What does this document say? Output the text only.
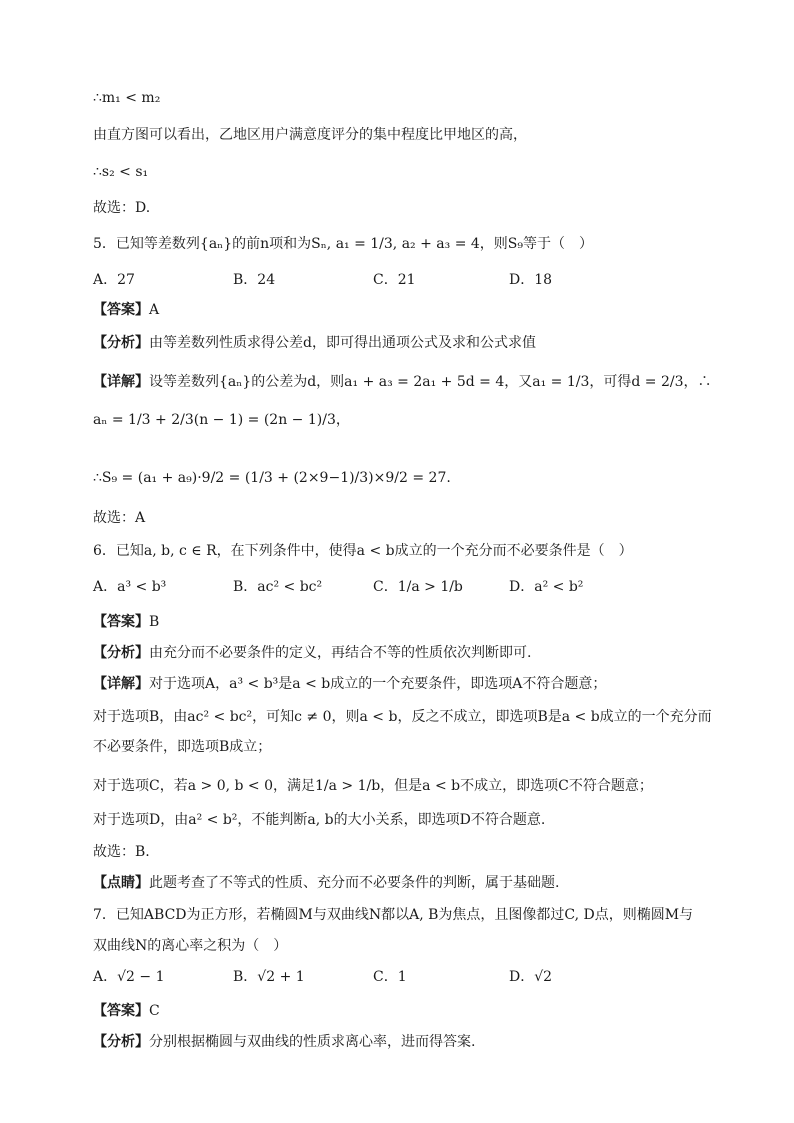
∴m₁ < m₂
由直方图可以看出，乙地区用户满意度评分的集中程度比甲地区的高，
∴s₂ < s₁
故选：D.
5．已知等差数列{aₙ}的前n项和为Sₙ, a₁ = 1/3, a₂ + a₃ = 4，则S₉等于（　）
A．27	B．24	C．21	D．18
【答案】A
【分析】由等差数列性质求得公差d，即可得出通项公式及求和公式求值
【详解】设等差数列{aₙ}的公差为d，则a₁ + a₃ = 2a₁ + 5d = 4，又a₁ = 1/3，可得d = 2/3，∴
aₙ = 1/3 + 2/3(n − 1) = (2n − 1)/3，
∴S₉ = (a₁ + a₉)·9/2 = (1/3 + (2×9−1)/3)×9/2 = 27.
故选：A
6．已知a, b, c ∈ R，在下列条件中，使得a < b成立的一个充分而不必要条件是（　）
A．a³ < b³	B．ac² < bc²	C．1/a > 1/b	D．a² < b²
【答案】B
【分析】由充分而不必要条件的定义，再结合不等的性质依次判断即可.
【详解】对于选项A，a³ < b³是a < b成立的一个充要条件，即选项A不符合题意；
对于选项B，由ac² < bc²，可知c ≠ 0，则a < b，反之不成立，即选项B是a < b成立的一个充分而
不必要条件，即选项B成立；
对于选项C，若a > 0, b < 0，满足1/a > 1/b，但是a < b不成立，即选项C不符合题意；
对于选项D，由a² < b²，不能判断a, b的大小关系，即选项D不符合题意.
故选：B.
【点睛】此题考查了不等式的性质、充分而不必要条件的判断，属于基础题.
7．已知ABCD为正方形，若椭圆M与双曲线N都以A, B为焦点，且图像都过C, D点，则椭圆M与
双曲线N的离心率之积为（　）
A．√2 − 1	B．√2 + 1	C．1	D．√2
【答案】C
【分析】分别根据椭圆与双曲线的性质求离心率，进而得答案.
